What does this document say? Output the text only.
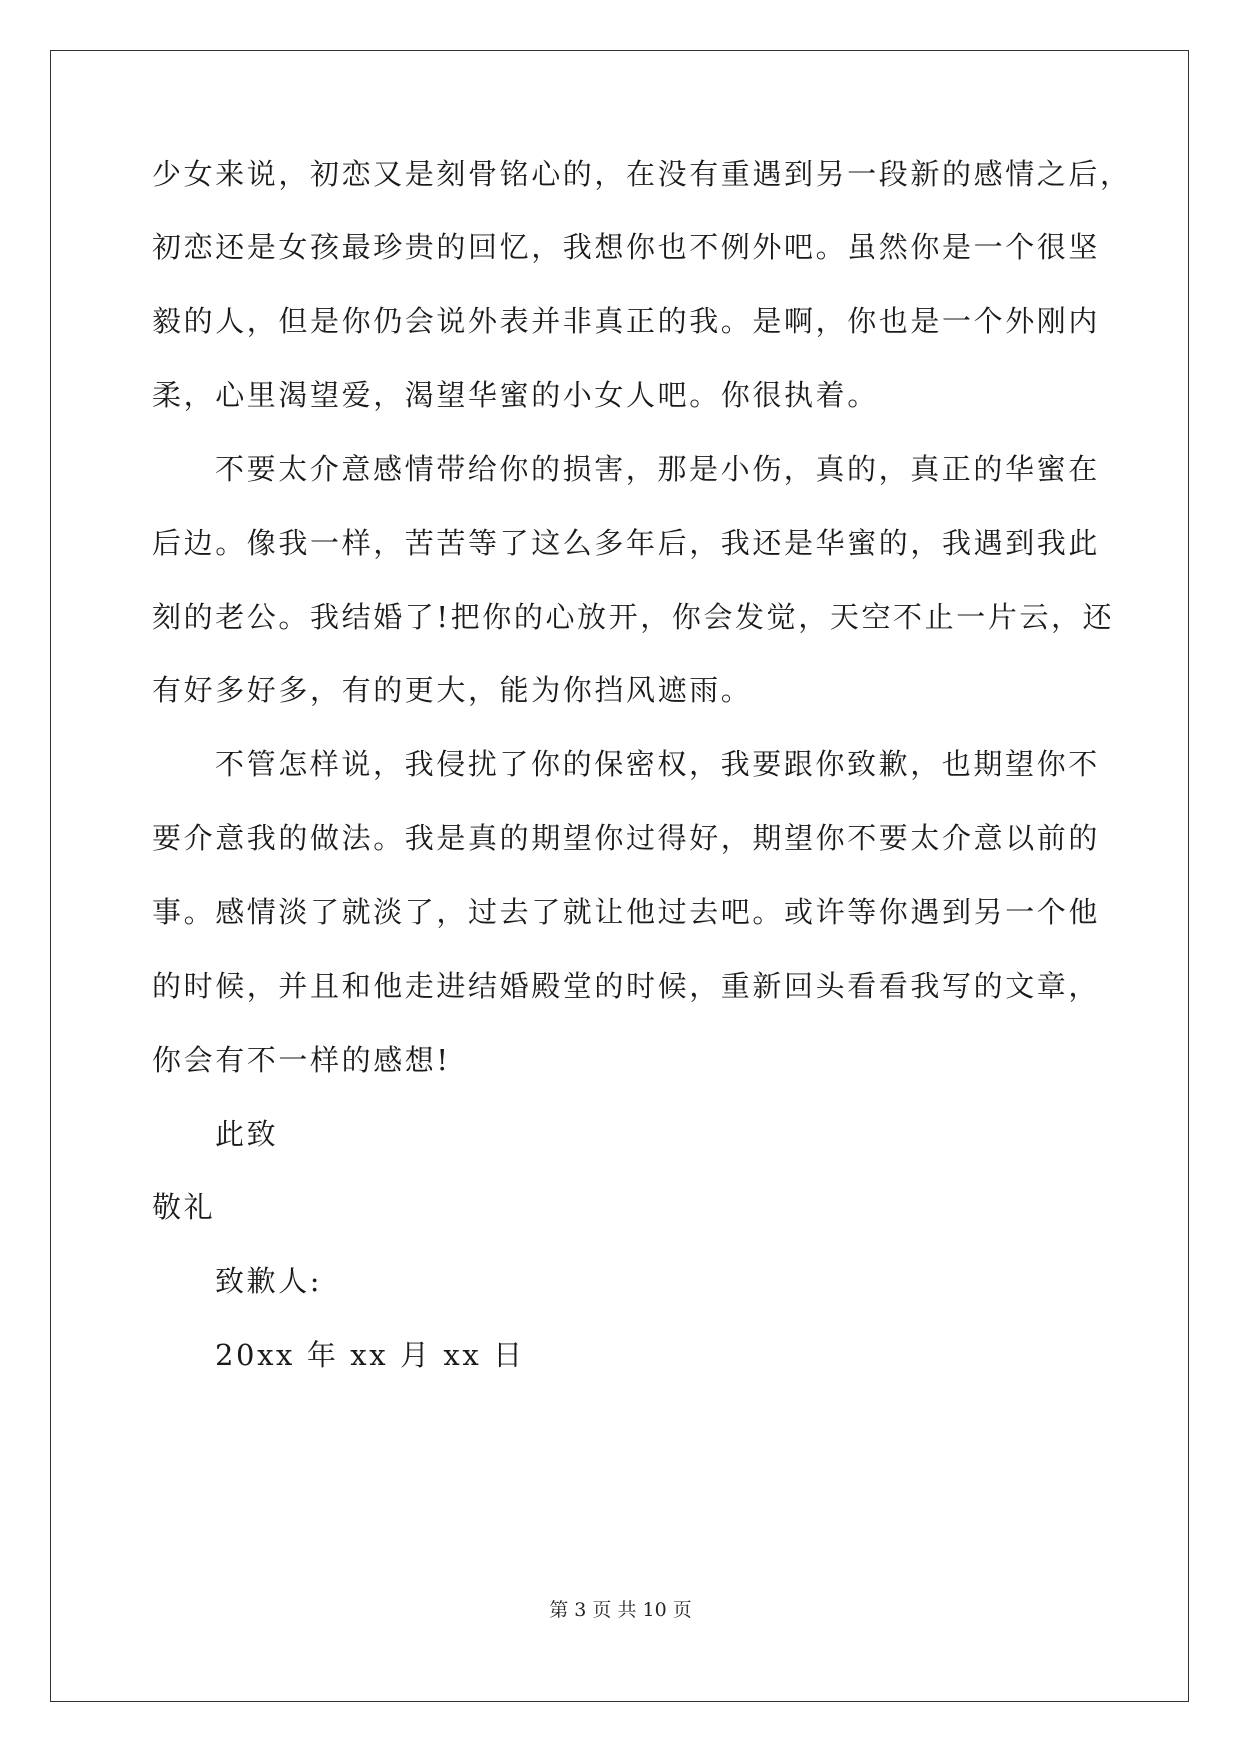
少女来说，初恋又是刻骨铭心的，在没有重遇到另一段新的感情之后，
初恋还是女孩最珍贵的回忆，我想你也不例外吧。虽然你是一个很坚
毅的人，但是你仍会说外表并非真正的我。是啊，你也是一个外刚内
柔，心里渴望爱，渴望华蜜的小女人吧。你很执着。
不要太介意感情带给你的损害，那是小伤，真的，真正的华蜜在
后边。像我一样，苦苦等了这么多年后，我还是华蜜的，我遇到我此
刻的老公。我结婚了!把你的心放开，你会发觉，天空不止一片云，还
有好多好多，有的更大，能为你挡风遮雨。
不管怎样说，我侵扰了你的保密权，我要跟你致歉，也期望你不
要介意我的做法。我是真的期望你过得好，期望你不要太介意以前的
事。感情淡了就淡了，过去了就让他过去吧。或许等你遇到另一个他
的时候，并且和他走进结婚殿堂的时候，重新回头看看我写的文章，
你会有不一样的感想!
此致
敬礼
致歉人:
20xx 年 xx 月 xx 日
第 3 页 共 10 页
